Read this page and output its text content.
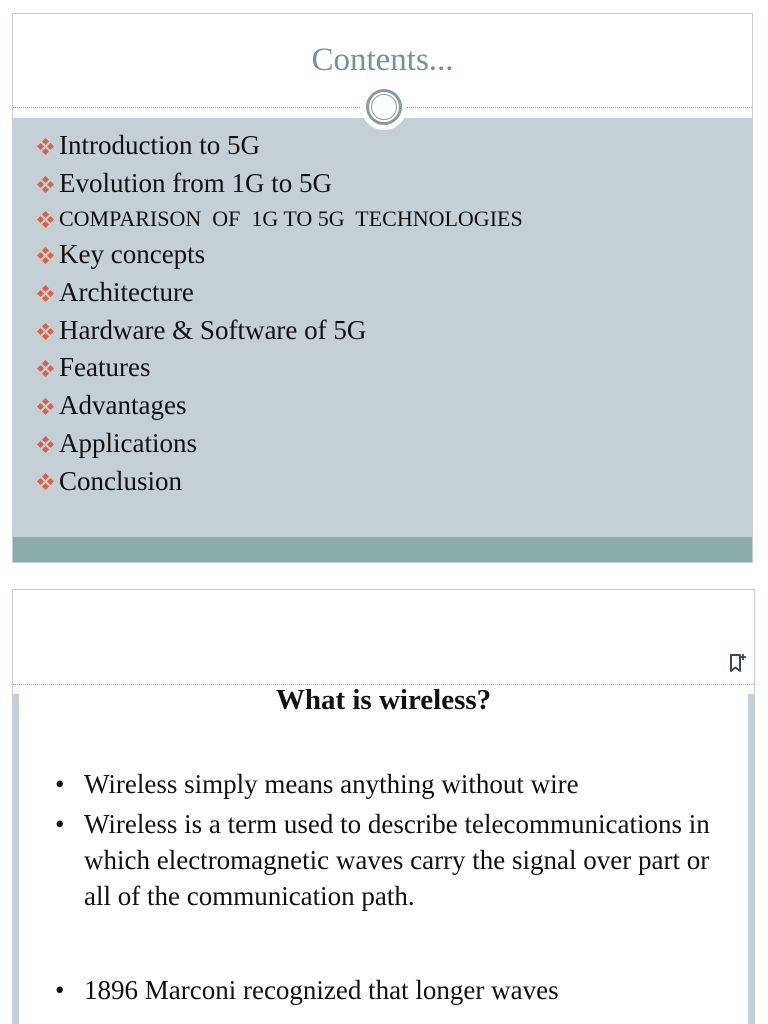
Contents...
Introduction to 5G
Evolution from 1G to 5G
COMPARISON  OF  1G TO 5G  TECHNOLOGIES
Key concepts
Architecture
Hardware & Software of 5G
Features
Advantages
Applications
Conclusion
What is wireless?
• Wireless simply means anything without wire
• Wireless is a term used to describe telecommunications in which electromagnetic waves carry the signal over part or all of the communication path.
• 1896 Marconi recognized that longer waves
